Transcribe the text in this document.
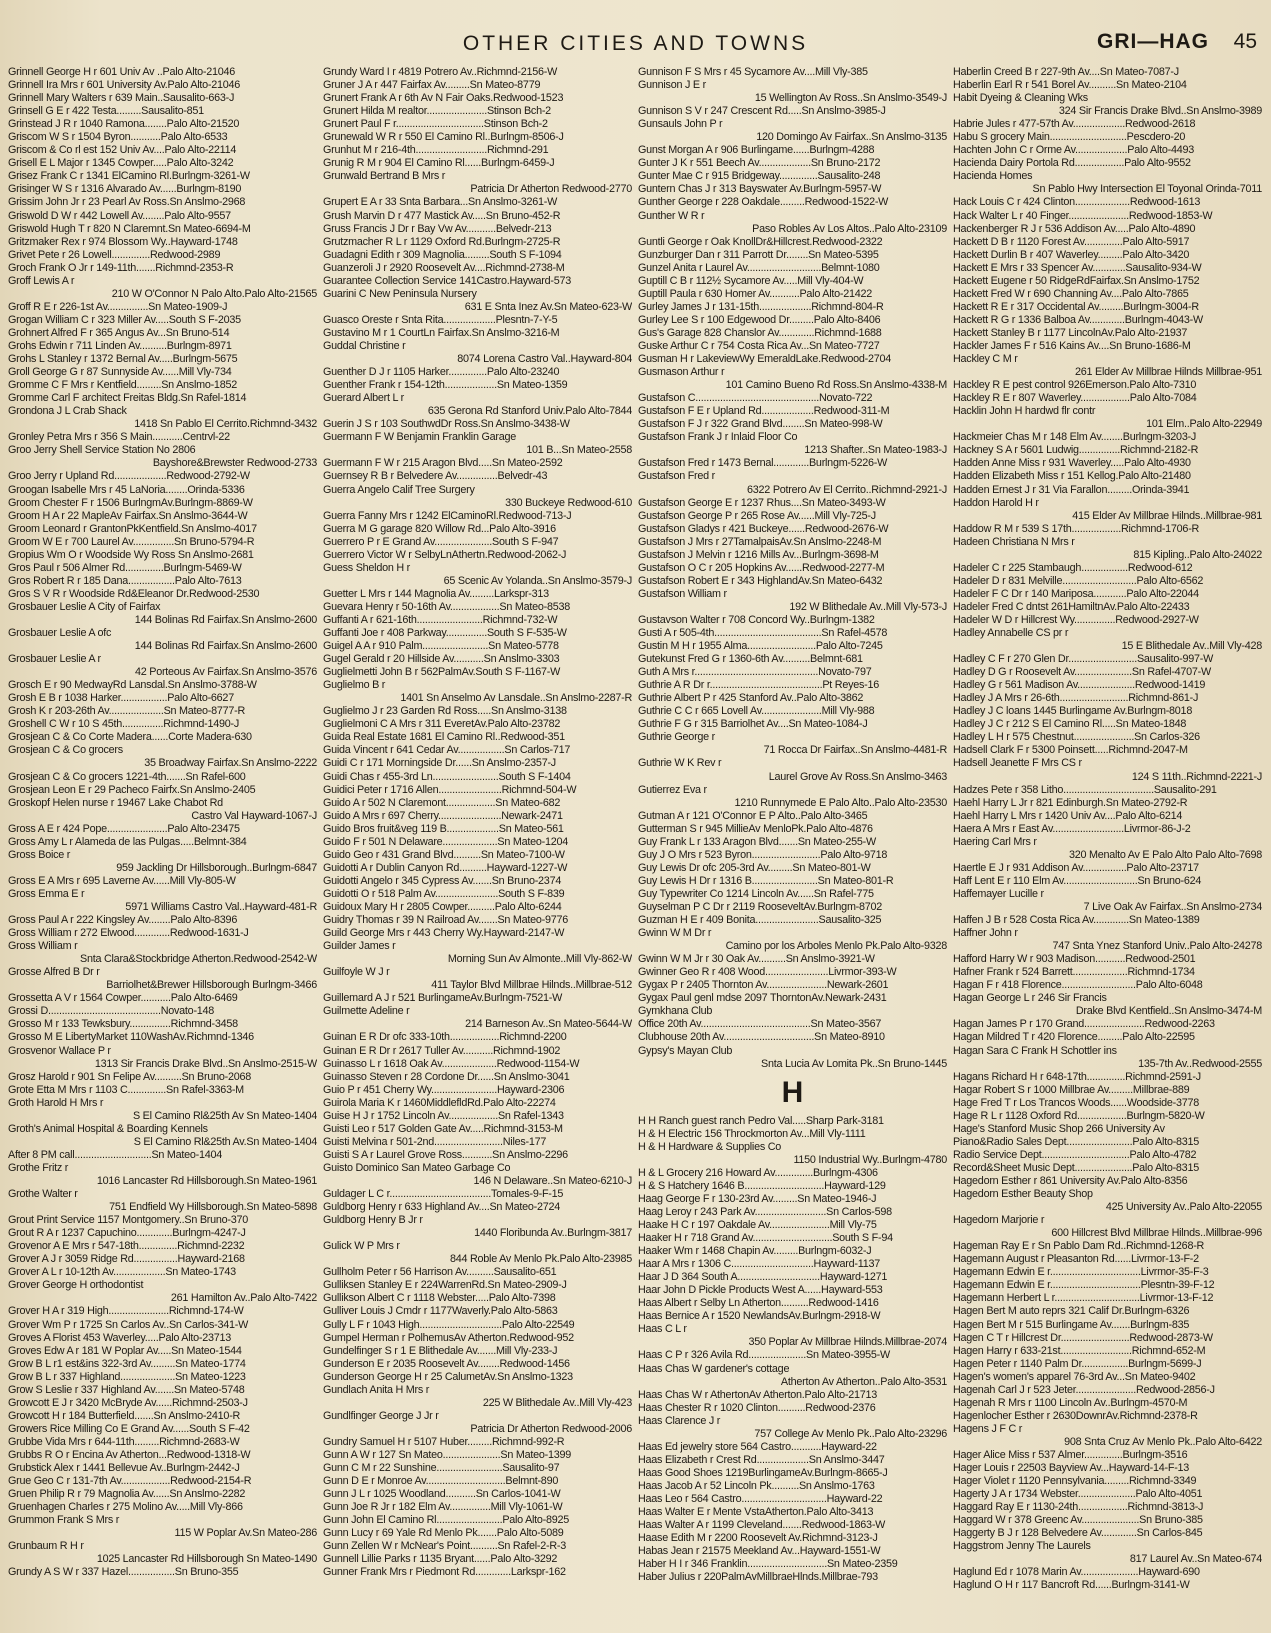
OTHER CITIES AND TOWNS	GRI—HAG 45
Grinnell George H r 601 Univ Av ..Palo Alto-21046
Grinnell Ira Mrs r 601 University Av.Palo Alto-21046
Grinnell Mary Walters r 639 Main..Sausalito-663-J
Grinsell G E r 422 Testa.........Sausalito-851
Grinstead J R r 1040 Ramona........Palo Alto-21520
Griscom W S r 1504 Byron...........Palo Alto-6533
Griscom & Co rl est 152 Univ Av....Palo Alto-22114
Grisell E L Major r 1345 Cowper.....Palo Alto-3242
Grisez Frank C r 1341 ElCamino Rl.Burlngm-3261-W
Grisinger W S r 1316 Alvarado Av......Burlngm-8190
Grissim John Jr r 23 Pearl Av Ross.Sn Anslmo-2968
Griswold D W r 442 Lowell Av........Palo Alto-9557
Griswold Hugh T r 820 N Claremnt.Sn Mateo-6694-M
Gritzmaker Rex r 974 Blossom Wy..Hayward-1748
Grivet Pete r 26 Lowell..............Redwood-2989
Groch Frank O Jr r 149-11th.......Richmnd-2353-R
Groff Lewis A r
210 W O'Connor N Palo Alto.Palo Alto-21565
Groff R E r 226-1st Av...............Sn Mateo-1909-J
Grogan William C r 323 Miller Av.....South S F-2035
Grohnert Alfred F r 365 Angus Av...Sn Bruno-514
Grohs Edwin r 711 Linden Av..........Burlngm-8971
Grohs L Stanley r 1372 Bernal Av.....Burlngm-5675
Groll George G r 87 Sunnyside Av......Mill Vly-734
Gromme C F Mrs r Kentfield.........Sn Anslmo-1852
Gromme Carl F architect Freitas Bldg.Sn Rafel-1814
Grondona J L Crab Shack
1418 Sn Pablo El Cerrito.Richmnd-3432
Gronley Petra Mrs r 356 S Main...........Centrvl-22
Groo Jerry Shell Service Station No 2806
Bayshore&Brewster Redwood-2733
Groo Jerry r Upland Rd...................Redwood-2792-W
Groogan Isabelle Mrs r 45 LaNoria........Orinda-5336
Groom Chester F r 1506 BurlngmAv.Burlngm-8869-W
Groom H A r 22 MapleAv Fairfax.Sn Anslmo-3644-W
Groom Leonard r GrantonPkKentfield.Sn Anslmo-4017
Groom W E r 700 Laurel Av...............Sn Bruno-5794-R
Gropius Wm O r Woodside Wy Ross Sn Anslmo-2681
Gros Paul r 506 Almer Rd..............Burlngm-5469-W
Gros Robert R r 185 Dana.................Palo Alto-7613
Gros S V R r Woodside Rd&Eleanor Dr.Redwood-2530
Grosbauer Leslie A City of Fairfax
144 Bolinas Rd Fairfax.Sn Anslmo-2600
Grosbauer Leslie A ofc
144 Bolinas Rd Fairfax.Sn Anslmo-2600
Grosbauer Leslie A r
42 Porteous Av Fairfax.Sn Anslmo-3576
Grosch E r 90 MedwayRd Lansdal.Sn Anslmo-3788-W
Grosh E B r 1038 Harker.................Palo Alto-6627
Grosh K r 203-26th Av....................Sn Mateo-8777-R
Groshell C W r 10 S 45th...............Richmnd-1490-J
Grosjean C & Co Corte Madera......Corte Madera-630
Grosjean C & Co grocers
35 Broadway Fairfax.Sn Anslmo-2222
Grosjean C & Co grocers 1221-4th.......Sn Rafel-600
Grosjean Leon E r 29 Pacheco Fairfx.Sn Anslmo-2405
Groskopf Helen nurse r 19467 Lake Chabot Rd
Castro Val Hayward-1067-J
Gross A E r 424 Pope......................Palo Alto-23475
Gross Amy L r Alameda de las Pulgas.....Belmnt-384
Gross Boice r
959 Jackling Dr Hillsborough..Burlngm-6847
Gross E A Mrs r 695 Laverne Av......Mill Vly-805-W
Gross Emma E r
5971 Williams Castro Val..Hayward-481-R
Gross Paul A r 222 Kingsley Av........Palo Alto-8396
Gross William r 272 Elwood.............Redwood-1631-J
Gross William r
Snta Clara&Stockbridge Atherton.Redwood-2542-W
Grosse Alfred B Dr r
Barriolhet&Brewer Hillsborough Burlngm-3466
Grossetta A V r 1564 Cowper...........Palo Alto-6469
Grossi D.........................................Novato-148
Grosso M r 133 Tewksbury...............Richmnd-3458
Grosso M E LibertyMarket 110WashAv.Richmnd-1346
Grosvenor Wallace P r
1313 Sir Francis Drake Blvd..Sn Anslmo-2515-W
Grosz Harold r 901 Sn Felipe Av..........Sn Bruno-2068
Grote Etta M Mrs r 1103 C..............Sn Rafel-3363-M
Groth Harold H Mrs r
S El Camino Rl&25th Av Sn Mateo-1404
Groth's Animal Hospital & Boarding Kennels
S El Camino Rl&25th Av.Sn Mateo-1404
After 8 PM call............................Sn Mateo-1404
Grothe Fritz r
1016 Lancaster Rd Hillsborough.Sn Mateo-1961
Grothe Walter r
751 Endfield Wy Hillsborough.Sn Mateo-5898
Grout Print Service 1157 Montgomery..Sn Bruno-370
Grout R A r 1237 Capuchino.............Burlngm-4247-J
Grovenor A E Mrs r 547-18th..............Richmnd-2232
Grover A J r 3059 Ridge Rd................Hayward-2168
Grover A L r 10-12th Av...................Sn Mateo-1743
Grover George H orthodontist
261 Hamilton Av..Palo Alto-7422
Grover H A r 319 High......................Richmnd-174-W
Grover Wm P r 1725 Sn Carlos Av..Sn Carlos-341-W
Groves A Florist 453 Waverley.....Palo Alto-23713
Groves Edw A r 181 W Poplar Av.....Sn Mateo-1544
Grow B L r1 est&ins 322-3rd Av.........Sn Mateo-1774
Grow B L r 337 Highland....................Sn Mateo-1223
Grow S Leslie r 337 Highland Av.......Sn Mateo-5748
Growcott E J r 3420 McBryde Av......Richmnd-2503-J
Growcott H r 184 Butterfield.......Sn Anslmo-2410-R
Growers Rice Milling Co E Grand Av......South S F-42
Grubbe Vida Mrs r 644-11th.........Richmnd-2683-W
Grubbs R O r Encina Av Atherton...Redwood-1318-W
Grubstick Alex r 1441 Bellevue Av..Burlngm-2442-J
Grue Geo C r 131-7th Av..................Redwood-2154-R
Gruen Philip R r 79 Magnolia Av......Sn Anslmo-2282
Gruenhagen Charles r 275 Molino Av.....Mill Vly-866
Grummon Frank S Mrs r
115 W Poplar Av.Sn Mateo-286
Grunbaum R H r
1025 Lancaster Rd Hillsborough Sn Mateo-1490
Grundy A S W r 337 Hazel.................Sn Bruno-355
Grundy Ward I r 4819 Potrero Av..Richmnd-2156-W
Gruner J A r 447 Fairfax Av.........Sn Mateo-8779
Grunert Frank A r 6th Av N Fair Oaks.Redwood-1523
Grunert Hilda M realtor......................Stinson Bch-2
Grunert Paul F r................................Stinson Bch-2
Grunewald W R r 550 El Camino Rl..Burlngm-8506-J
Grunhut M r 216-4th..........................Richmnd-291
Grunig R M r 904 El Camino Rl......Burlngm-6459-J
Grunwald Bertrand B Mrs r
Patricia Dr Atherton Redwood-2770
Grupert E A r 33 Snta Barbara...Sn Anslmo-3261-W
Grush Marvin D r 477 Mastick Av.....Sn Bruno-452-R
Gruss Francis J Dr r Bay Vw Av...........Belvedr-213
Grutzmacher R L r 1129 Oxford Rd.Burlngm-2725-R
Guadagni Edith r 309 Magnolia.........South S F-1094
Guanzeroli J r 2920 Roosevelt Av....Richmnd-2738-M
Guarantee Collection Service 141Castro.Hayward-573
Guarini C New Peninsula Nursery
631 E Snta Inez Av.Sn Mateo-623-W
Guasco Oreste r Snta Rita...................Plesntn-7-Y-5
Gustavino M r 1 CourtLn Fairfax.Sn Anslmo-3216-M
Guddal Christine r
8074 Lorena Castro Val..Hayward-804
Guenther D J r 1105 Harker..............Palo Alto-23240
Guenther Frank r 154-12th...................Sn Mateo-1359
Guerard Albert L r
635 Gerona Rd Stanford Univ.Palo Alto-7844
Guerin J S r 103 SouthwdDr Ross.Sn Anslmo-3438-W
Guermann F W Benjamin Franklin Garage
101 B...Sn Mateo-2558
Guermann F W r 215 Aragon Blvd.....Sn Mateo-2592
Guernsey R B r Belvedere Av...............Belvedr-43
Guerra Angelo Calif Tree Surgery
330 Buckeye Redwood-610
Guerra Fanny Mrs r 1242 ElCaminoRl.Redwood-713-J
Guerra M G garage 820 Willow Rd...Palo Alto-3916
Guerrero P r E Grand Av.....................South S F-947
Guerrero Victor W r SelbyLnAthertn.Redwood-2062-J
Guess Sheldon H r
65 Scenic Av Yolanda..Sn Anslmo-3579-J
Guetter L Mrs r 144 Magnolia Av.........Larkspr-313
Guevara Henry r 50-16th Av..................Sn Mateo-8538
Guffanti A r 621-16th........................Richmnd-732-W
Guffanti Joe r 408 Parkway...............South S F-535-W
Guigel A A r 910 Palm........................Sn Mateo-5778
Gugel Gerald r 20 Hillside Av...........Sn Anslmo-3303
Guglielmetti John B r 562PalmAv.South S F-1167-W
Guglielmo B r
1401 Sn Anselmo Av Lansdale..Sn Anslmo-2287-R
Guglielmo J r 23 Garden Rd Ross.....Sn Anslmo-3138
Guglielmoni C A Mrs r 311 EveretAv.Palo Alto-23782
Guida Real Estate 1681 El Camino Rl..Redwood-351
Guida Vincent r 641 Cedar Av.................Sn Carlos-717
Guidi C r 171 Morningside Dr......Sn Anslmo-2357-J
Guidi Chas r 455-3rd Ln........................South S F-1404
Guidici Peter r 1716 Allen.......................Richmnd-504-W
Guido A r 502 N Claremont..................Sn Mateo-682
Guido A Mrs r 697 Cherry.......................Newark-2471
Guido Bros fruit&veg 119 B...................Sn Mateo-561
Guido F r 501 N Delaware....................Sn Mateo-1204
Guido Geo r 431 Grand Blvd..........Sn Mateo-7100-W
Guidotti A r Dublin Canyon Rd..........Hayward-1227-W
Guidotti Angelo r 345 Cypress Av.......Sn Bruno-2374
Guidotti O r 518 Palm Av.......................South S F-839
Guidoux Mary H r 2805 Cowper..........Palo Alto-6244
Guidry Thomas r 39 N Railroad Av.......Sn Mateo-9776
Guild George Mrs r 443 Cherry Wy.Hayward-2147-W
Guilder James r
Morning Sun Av Almonte..Mill Vly-862-W
Guilfoyle W J r
411 Taylor Blvd Millbrae Hilnds..Millbrae-512
Guillemard A J r 521 BurlingameAv.Burlngm-7521-W
Guilmette Adeline r
214 Barneson Av..Sn Mateo-5644-W
Guinan E R Dr ofc 333-10th..................Richmnd-2200
Guinan E R Dr r 2617 Tuller Av...........Richmnd-1902
Guinasso L r 1618 Oak Av....................Redwood-1154-W
Guinasso Steven r 28 Cordone Dr......Sn Anslmo-3041
Guio P r 451 Cherry Wy........................Hayward-2306
Guirola Maria K r 1460MiddlefldRd.Palo Alto-22274
Guise H J r 1752 Lincoln Av..................Sn Rafel-1343
Guisti Leo r 517 Golden Gate Av.....Richmnd-3153-M
Guisti Melvina r 501-2nd.........................Niles-177
Guisti S A r Laurel Grove Ross...........Sn Anslmo-2296
Guisto Dominico San Mateo Garbage Co
146 N Delaware..Sn Mateo-6210-J
Guldager L C r.....................................Tomales-9-F-15
Guldborg Henry r 633 Highland Av....Sn Mateo-2724
Guldborg Henry B Jr r
1440 Floribunda Av..Burlngm-3817
Gulick W P Mrs r
844 Roble Av Menlo Pk.Palo Alto-23985
Gullholm Peter r 56 Harrison Av..........Sausalito-651
Gulliksen Stanley E r 224WarrenRd.Sn Mateo-2909-J
Gullikson Albert C r 1118 Webster.....Palo Alto-7398
Gulliver Louis J Cmdr r 1177Waverly.Palo Alto-5863
Gully L F r 1043 High..............................Palo Alto-22549
Gumpel Herman r PolhemusAv Atherton.Redwood-952
Gundelfinger S r 1 E Blithedale Av.......Mill Vly-233-J
Gunderson E r 2035 Roosevelt Av........Redwood-1456
Gunderson George H r 25 CalumetAv.Sn Anslmo-1323
Gundlach Anita H Mrs r
225 W Blithedale Av..Mill Vly-423
Gundlfinger George J Jr r
Patricia Dr Atherton Redwood-2006
Gundry Samuel H r 5107 Huber.........Richmnd-992-R
Gunn A W r 127 Sn Mateo.....................Sn Mateo-1399
Gunn C M r 22 Sunshine........................Sausalito-97
Gunn D E r Monroe Av.............................Belmnt-890
Gunn J L r 1025 Woodland...........Sn Carlos-1041-W
Gunn Joe R Jr r 182 Elm Av...............Mill Vly-1061-W
Gunn John El Camino Rl........................Palo Alto-8925
Gunn Lucy r 69 Yale Rd Menlo Pk.......Palo Alto-5089
Gunn Zellen W r McNear's Point..........Sn Rafel-2-R-3
Gunnell Lillie Parks r 1135 Bryant......Palo Alto-3292
Gunner Frank Mrs r Piedmont Rd.............Larkspr-162
Gunnison F S Mrs r 45 Sycamore Av....Mill Vly-385
Gunnison J E r
15 Wellington Av Ross..Sn Anslmo-3549-J
Gunnison S V r 247 Crescent Rd.....Sn Anslmo-3985-J
Gunsauls John P r
120 Domingo Av Fairfax..Sn Anslmo-3135
Gunst Morgan A r 906 Burlingame......Burlngm-4288
Gunter J K r 551 Beech Av...................Sn Bruno-2172
Gunter Mae C r 915 Bridgeway..............Sausalito-248
Guntern Chas J r 313 Bayswater Av.Burlngm-5957-W
Gunther George r 228 Oakdale.........Redwood-1522-W
Gunther W R r
Paso Robles Av Los Altos..Palo Alto-23109
Guntli George r Oak KnollDr&Hillcrest.Redwood-2322
Gunzburger Dan r 311 Parrott Dr........Sn Mateo-5395
Gunzel Anita r Laurel Av...........................Belmnt-1080
Guptill C B r 112½ Sycamore Av.....Mill Vly-404-W
Guptill Paula r 630 Homer Av...........Palo Alto-21422
Gurley James J r 131-15th...................Richmnd-804-R
Gurley Lee S r 100 Edgewood Dr.........Palo Alto-8406
Gus's Garage 828 Chanslor Av.............Richmnd-1688
Guske Arthur C r 754 Costa Rica Av...Sn Mateo-7727
Gusman H r LakeviewWy EmeraldLake.Redwood-2704
Gusmason Arthur r
101 Camino Bueno Rd Ross.Sn Anslmo-4338-M
Gustafson C.............................................Novato-722
Gustafson F E r Upland Rd...................Redwood-311-M
Gustafson F J r 322 Grand Blvd........Sn Mateo-998-W
Gustafson Frank J r Inlaid Floor Co
1213 Shafter..Sn Mateo-1983-J
Gustafson Fred r 1473 Bernal.............Burlngm-5226-W
Gustafson Fred r
6322 Potrero Av El Cerrito..Richmnd-2921-J
Gustafson George E r 1237 Rhus....Sn Mateo-3493-W
Gustafson George P r 265 Rose Av......Mill Vly-725-J
Gustafson Gladys r 421 Buckeye......Redwood-2676-W
Gustafson J Mrs r 27TamalpaisAv.Sn Anslmo-2248-M
Gustafson J Melvin r 1216 Mills Av...Burlngm-3698-M
Gustafson O C r 205 Hopkins Av......Redwood-2277-M
Gustafson Robert E r 343 HighlandAv.Sn Mateo-6432
Gustafson William r
192 W Blithedale Av..Mill Vly-573-J
Gustavson Walter r 708 Concord Wy..Burlngm-1382
Gusti A r 505-4th.......................................Sn Rafel-4578
Gustin M H r 1955 Alma.........................Palo Alto-7245
Gutekunst Fred G r 1360-6th Av..........Belmnt-681
Guth A Mrs r.............................................Novato-797
Guthrie A R Dr r.........................................Pt Reyes-16
Guthrie Albert P r 425 Stanford Av..Palo Alto-3862
Guthrie C C r 665 Lovell Av......................Mill Vly-988
Guthrie F G r 315 Barriolhet Av....Sn Mateo-1084-J
Guthrie George r
71 Rocca Dr Fairfax..Sn Anslmo-4481-R
Guthrie W K Rev r
Laurel Grove Av Ross.Sn Anslmo-3463
Gutierrez Eva r
1210 Runnymede E Palo Alto..Palo Alto-23530
Gutman A r 121 O'Connor E P Alto..Palo Alto-3465
Gutterman S r 945 MillieAv MenloPk.Palo Alto-4876
Guy Frank L r 133 Aragon Blvd.......Sn Mateo-255-W
Guy J O Mrs r 523 Byron.........................Palo Alto-9718
Guy Lewis Dr ofc 205-3rd Av.........Sn Mateo-801-W
Guy Lewis H Dr r 1316 B........................Sn Mateo-801-R
Guy Typewriter Co 1214 Lincoln Av......Sn Rafel-775
Guyselman P C Dr r 2119 RooseveltAv.Burlngm-8702
Guzman H E r 409 Bonita.......................Sausalito-325
Gwinn W M Dr r
Camino por los Arboles Menlo Pk.Palo Alto-9328
Gwinn W M Jr r 30 Oak Av..........Sn Anslmo-3921-W
Gwinner Geo R r 408 Wood.......................Livrmor-393-W
Gygax P r 2405 Thornton Av......................Newark-2601
Gygax Paul genl mdse 2097 ThorntonAv.Newark-2431
Gymkhana Club
Office 20th Av........................................Sn Mateo-3567
Clubhouse 20th Av.................................Sn Mateo-8910
Gypsy's Mayan Club
Snta Lucia Av Lomita Pk..Sn Bruno-1445
H
H H Ranch guest ranch Pedro Val.....Sharp Park-3181
H & H Electric 156 Throckmorton Av...Mill Vly-1111
H & H Hardware & Supplies Co
1150 Industrial Wy..Burlngm-4780
H & L Grocery 216 Howard Av..............Burlngm-4306
H & S Hatchery 1646 B.............................Hayward-129
Haag George F r 130-23rd Av.........Sn Mateo-1946-J
Haag Leroy r 243 Park Av..........................Sn Carlos-598
Haake H C r 197 Oakdale Av......................Mill Vly-75
Haaker H r 718 Grand Av.............................South S F-94
Haaker Wm r 1468 Chapin Av.........Burlngm-6032-J
Haar A Mrs r 1306 C..............................Hayward-1137
Haar J D 364 South A..............................Hayward-1271
Haar John D Pickle Products West A......Hayward-553
Haas Albert r Selby Ln Atherton..........Redwood-1416
Haas Bernice A r 1520 NewlandsAv.Burlngm-2918-W
Haas C L r
350 Poplar Av Millbrae Hilnds.Millbrae-2074
Haas C P r 326 Avila Rd.....................Sn Mateo-3955-W
Haas Chas W gardener's cottage
Atherton Av Atherton..Palo Alto-3531
Haas Chas W r AthertonAv Atherton.Palo Alto-21713
Haas Chester R r 1020 Clinton..........Redwood-2376
Haas Clarence J r
757 College Av Menlo Pk..Palo Alto-23296
Haas Ed jewelry store 564 Castro...........Hayward-22
Haas Elizabeth r Crest Rd...................Sn Anslmo-3447
Haas Good Shoes 1219BurlingameAv.Burlngm-8665-J
Haas Jacob A r 52 Lincoln Pk..........Sn Anslmo-1763
Haas Leo r 564 Castro...............................Hayward-22
Haas Walter E r Mente VstaAtherton.Palo Alto-3413
Haas Walter A r 1199 Cleveland.......Redwood-1863-W
Haase Edith M r 2200 Roosevelt Av.Richmnd-3123-J
Habas Jean r 21575 Meekland Av...Hayward-1551-W
Haber H I r 346 Franklin.............................Sn Mateo-2359
Haber Julius r 220PalmAvMillbraeHlnds.Millbrae-793
Haberlin Creed B r 227-9th Av....Sn Mateo-7087-J
Haberlin Earl R r 541 Borel Av..........Sn Mateo-2104
Habit Dyeing & Cleaning Wks
324 Sir Francis Drake Blvd..Sn Anslmo-3989
Habrie Jules r 477-57th Av...................Redwood-2618
Habu S grocery Main............................Pescdero-20
Hachten John C r Orme Av...................Palo Alto-4493
Hacienda Dairy Portola Rd..................Palo Alto-9552
Hacienda Homes
Sn Pablo Hwy Intersection El Toyonal Orinda-7011
Hack Louis C r 424 Clinton....................Redwood-1613
Hack Walter L r 40 Finger......................Redwood-1853-W
Hackenberger R J r 536 Addison Av.....Palo Alto-4890
Hackett D B r 1120 Forest Av..............Palo Alto-5917
Hackett Durlin B r 407 Waverley.........Palo Alto-3420
Hackett E Mrs r 33 Spencer Av............Sausalito-934-W
Hackett Eugene r 50 RidgeRdFairfax.Sn Anslmo-1752
Hackett Fred W r 690 Channing Av....Palo Alto-7865
Hackett R E r 317 Occidental Av.........Burlngm-3004-R
Hackett R G r 1336 Balboa Av.............Burlngm-4043-W
Hackett Stanley B r 1177 LincolnAv.Palo Alto-21937
Hackler James F r 516 Kains Av....Sn Bruno-1686-M
Hackley C M r
261 Elder Av Millbrae Hilnds Millbrae-951
Hackley R E pest control 926Emerson.Palo Alto-7310
Hackley R E r 807 Waverley..................Palo Alto-7084
Hacklin John H hardwd flr contr
101 Elm..Palo Alto-22949
Hackmeier Chas M r 148 Elm Av........Burlngm-3203-J
Hackney S A r 5601 Ludwig...............Richmnd-2182-R
Hadden Anne Miss r 931 Waverley.....Palo Alto-4930
Hadden Elizabeth Miss r 151 Kellog.Palo Alto-21480
Hadden Ernest J r 31 Via Farallon.........Orinda-3941
Haddon Harold H r
415 Elder Av Millbrae Hilnds..Millbrae-981
Haddow R M r 539 S 17th..................Richmnd-1706-R
Hadeen Christiana N Mrs r
815 Kipling..Palo Alto-24022
Hadeler C r 225 Stambaugh.................Redwood-612
Hadeler D r 831 Melville...........................Palo Alto-6562
Hadeler F C Dr r 140 Mariposa............Palo Alto-22044
Hadeler Fred C dntst 261HamiltnAv.Palo Alto-22433
Hadeler W D r Hillcrest Wy...............Redwood-2927-W
Hadley Annabelle CS pr r
15 E Blithedale Av..Mill Vly-428
Hadley C F r 270 Glen Dr.........................Sausalito-997-W
Hadley D G r Roosevelt Av.....................Sn Rafel-4707-W
Hadley G r 561 Madison Av.....................Redwood-1419
Hadley J A Mrs r 26-6th.........................Richmnd-861-J
Hadley J C loans 1445 Burlingame Av.Burlngm-8018
Hadley J C r 212 S El Camino Rl.....Sn Mateo-1848
Hadley L H r 575 Chestnut......................Sn Carlos-326
Hadsell Clark F r 5300 Poinsett.....Richmnd-2047-M
Hadsell Jeanette F Mrs CS r
124 S 11th..Richmnd-2221-J
Hadzes Pete r 358 Litho.................................Sausalito-291
Haehl Harry L Jr r 821 Edinburgh.Sn Mateo-2792-R
Haehl Harry L Mrs r 1420 Univ Av....Palo Alto-6214
Haera A Mrs r East Av..........................Livrmor-86-J-2
Haering Carl Mrs r
320 Menalto Av E Palo Alto Palo Alto-7698
Haertle E J r 931 Addison Av................Palo Alto-23717
Haff Lent E r 110 Elm Av...........................Sn Bruno-624
Haffemayer Lucille r
7 Live Oak Av Fairfax..Sn Anslmo-2734
Haffen J B r 528 Costa Rica Av.............Sn Mateo-1389
Haffner John r
747 Snta Ynez Stanford Univ..Palo Alto-24278
Hafford Harry W r 903 Madison...........Redwood-2501
Hafner Frank r 524 Barrett....................Richmnd-1734
Hagan F r 418 Florence...........................Palo Alto-6048
Hagan George L r 246 Sir Francis
Drake Blvd Kentfield..Sn Anslmo-3474-M
Hagan James P r 170 Grand......................Redwood-2263
Hagan Mildred T r 420 Florence.........Palo Alto-22595
Hagan Sara C Frank H Schottler ins
135-7th Av..Redwood-2555
Hagans Richard H r 648-17th..............Richmnd-2591-J
Hagar Robert S r 1000 Millbrae Av.........Millbrae-889
Hage Fred T r Los Trancos Woods......Woodside-3778
Hage R L r 1128 Oxford Rd..................Burlngm-5820-W
Hage's Stanford Music Shop 266 University Av
Piano&Radio Sales Dept........................Palo Alto-8315
Radio Service Dept................................Palo Alto-4782
Record&Sheet Music Dept.....................Palo Alto-8315
Hagedorn Esther r 861 University Av.Palo Alto-8356
Hagedorn Esther Beauty Shop
425 University Av..Palo Alto-22055
Hagedorn Marjorie r
600 Hillcrest Blvd Millbrae Hilnds..Millbrae-996
Hageman Ray E r Sn Pablo Dam Rd..Richmnd-1268-R
Hagemann August r Pleasanton Rd......Livrmor-13-F-2
Hagemann Edwin E r.................................Livrmor-35-F-3
Hagemann Edwin E r.................................Plesntn-39-F-12
Hagemann Herbert L r...............................Livrmor-13-F-12
Hagen Bert M auto reprs 321 Calif Dr.Burlngm-6326
Hagen Bert M r 515 Burlingame Av.......Burlngm-835
Hagen C T r Hillcrest Dr.........................Redwood-2873-W
Hagen Harry r 633-21st..........................Richmnd-652-M
Hagen Peter r 1140 Palm Dr.................Burlngm-5699-J
Hagen's women's apparel 76-3rd Av...Sn Mateo-9402
Hagenah Carl J r 523 Jeter......................Redwood-2856-J
Hagenah R Mrs r 1100 Lincoln Av..Burlngm-4570-M
Hagenlocher Esther r 2630DownrAv.Richmnd-2378-R
Hagens J F C r
908 Snta Cruz Av Menlo Pk..Palo Alto-6422
Hager Alice Miss r 537 Almer..............Burlngm-3516
Hager Louis r 22503 Bayview Av...Hayward-14-F-13
Hager Violet r 1120 Pennsylvania.........Richmnd-3349
Hagerty J A r 1734 Webster.....................Palo Alto-4051
Haggard Ray E r 1130-24th..................Richmnd-3813-J
Haggard W r 378 Greenc Av.....................Sn Bruno-385
Haggerty B J r 128 Belvedere Av.............Sn Carlos-845
Haggstrom Jenny The Laurels
817 Laurel Av..Sn Mateo-674
Haglund Ed r 1078 Marin Av.....................Hayward-690
Haglund O H r 117 Bancroft Rd......Burlngm-3141-W
